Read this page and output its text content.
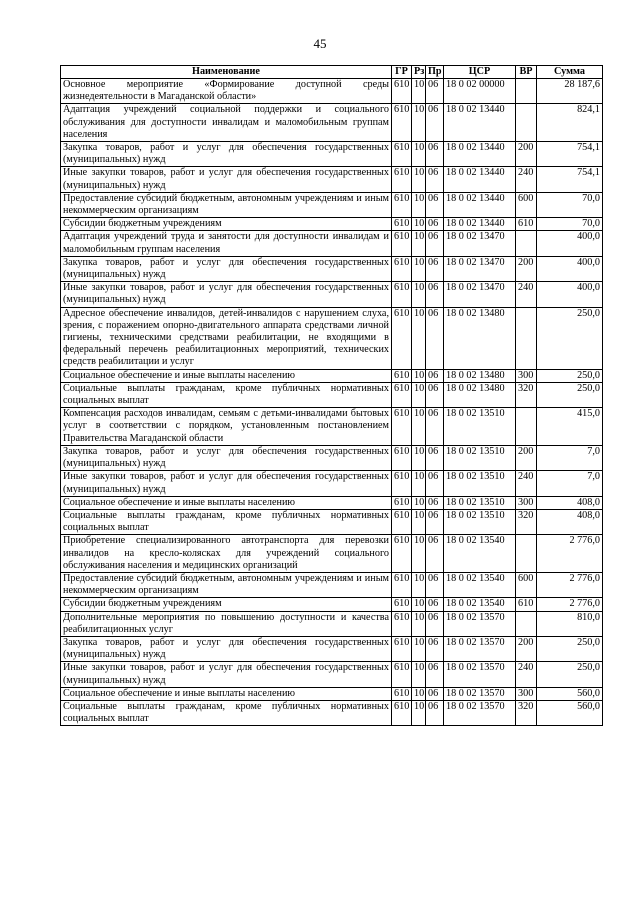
45
Наименование	ГР	Рз	Пр	ЦСР	ВР	Сумма
Основное мероприятие «Формирование доступной среды жизнедеятельности в Магаданской области»	610	10	06	18 0 02 00000		28 187,6
Адаптация учреждений социальной поддержки и социального обслуживания для доступности инвалидам и маломобильным группам населения	610	10	06	18 0 02 13440		824,1
Закупка товаров, работ и услуг для обеспечения государственных (муниципальных) нужд	610	10	06	18 0 02 13440	200	754,1
Иные закупки товаров, работ и услуг для обеспечения государственных (муниципальных) нужд	610	10	06	18 0 02 13440	240	754,1
Предоставление субсидий бюджетным, автономным учреждениям и иным некоммерческим организациям	610	10	06	18 0 02 13440	600	70,0
Субсидии бюджетным учреждениям	610	10	06	18 0 02 13440	610	70,0
Адаптация учреждений труда и занятости для доступности инвалидам и маломобильным группам населения	610	10	06	18 0 02 13470		400,0
Закупка товаров, работ и услуг для обеспечения государственных (муниципальных) нужд	610	10	06	18 0 02 13470	200	400,0
Иные закупки товаров, работ и услуг для обеспечения государственных (муниципальных) нужд	610	10	06	18 0 02 13470	240	400,0
Адресное обеспечение инвалидов, детей-инвалидов с нарушением слуха, зрения, с поражением опорно-двигательного аппарата средствами личной гигиены, техническими средствами реабилитации, не входящими в федеральный перечень реабилитационных мероприятий, технических средств реабилитации и услуг	610	10	06	18 0 02 13480		250,0
Социальное обеспечение и иные выплаты населению	610	10	06	18 0 02 13480	300	250,0
Социальные выплаты гражданам, кроме публичных нормативных социальных выплат	610	10	06	18 0 02 13480	320	250,0
Компенсация расходов инвалидам, семьям с детьми-инвалидами бытовых услуг в соответствии с порядком, установленным постановлением Правительства Магаданской области	610	10	06	18 0 02 13510		415,0
Закупка товаров, работ и услуг для обеспечения государственных (муниципальных) нужд	610	10	06	18 0 02 13510	200	7,0
Иные закупки товаров, работ и услуг для обеспечения государственных (муниципальных) нужд	610	10	06	18 0 02 13510	240	7,0
Социальное обеспечение и иные выплаты населению	610	10	06	18 0 02 13510	300	408,0
Социальные выплаты гражданам, кроме публичных нормативных социальных выплат	610	10	06	18 0 02 13510	320	408,0
Приобретение специализированного автотранспорта для перевозки инвалидов на кресло-колясках для учреждений социального обслуживания населения и медицинских организаций	610	10	06	18 0 02 13540		2 776,0
Предоставление субсидий бюджетным, автономным учреждениям и иным некоммерческим организациям	610	10	06	18 0 02 13540	600	2 776,0
Субсидии бюджетным учреждениям	610	10	06	18 0 02 13540	610	2 776,0
Дополнительные мероприятия по повышению доступности и качества реабилитационных услуг	610	10	06	18 0 02 13570		810,0
Закупка товаров, работ и услуг для обеспечения государственных (муниципальных) нужд	610	10	06	18 0 02 13570	200	250,0
Иные закупки товаров, работ и услуг для обеспечения государственных (муниципальных) нужд	610	10	06	18 0 02 13570	240	250,0
Социальное обеспечение и иные выплаты населению	610	10	06	18 0 02 13570	300	560,0
Социальные выплаты гражданам, кроме публичных нормативных социальных выплат	610	10	06	18 0 02 13570	320	560,0
